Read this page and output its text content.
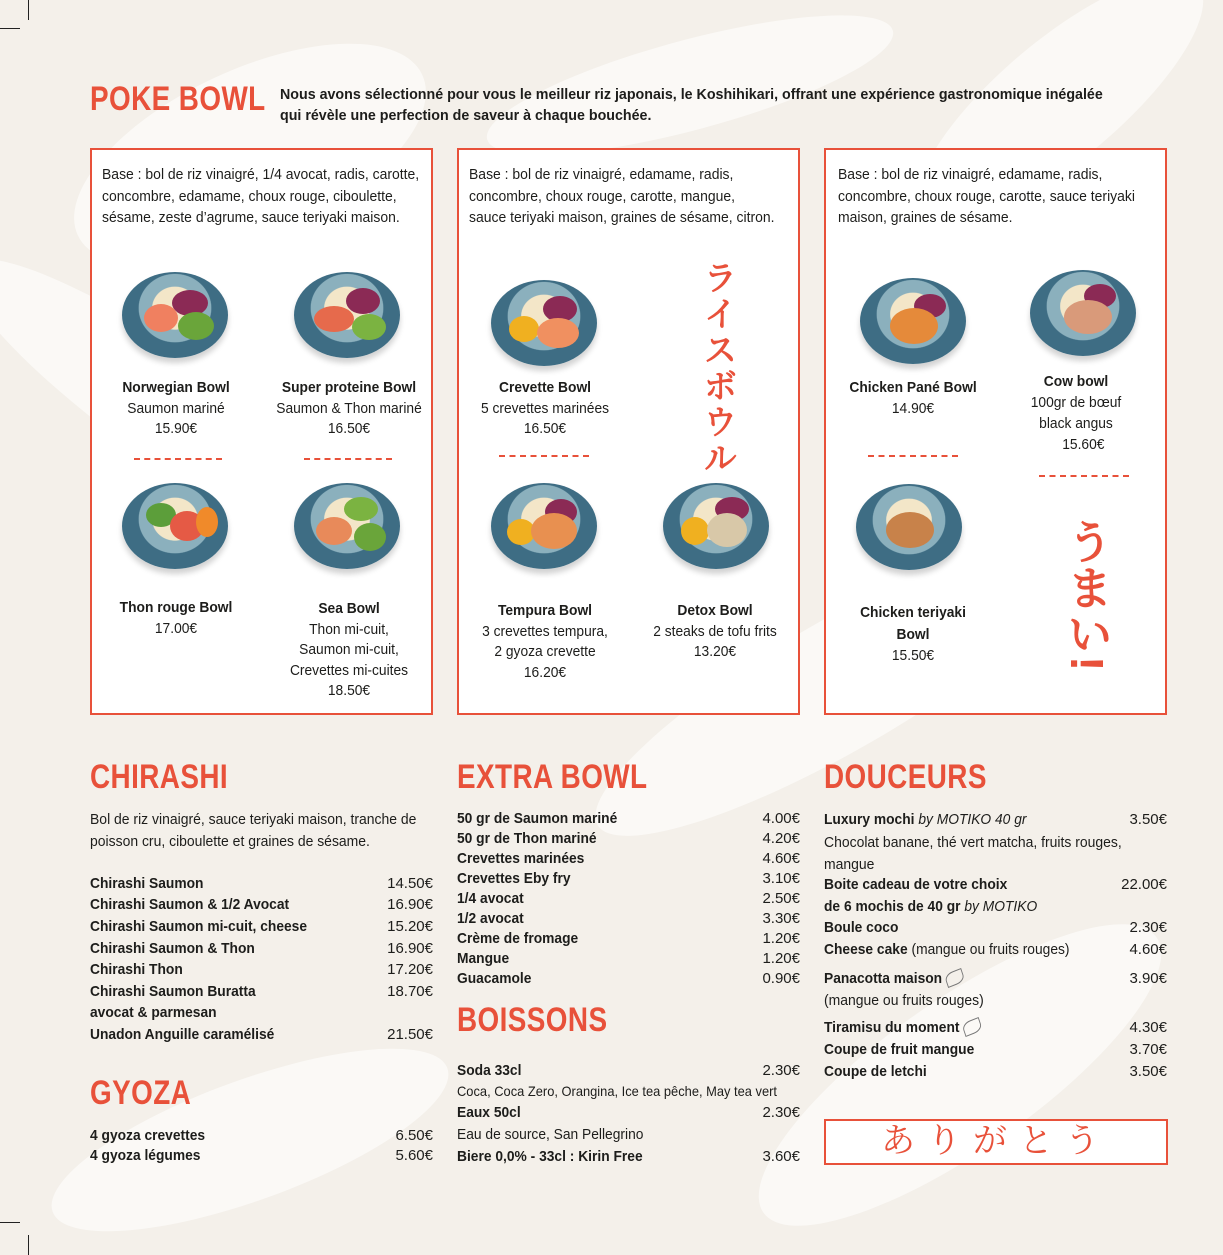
POKE BOWL Nous avons sélectionné pour vous le meilleur riz japonais, le Koshihikari, offrant une expérience gastronomique inégalée qui révèle une perfection de saveur à chaque bouchée.
Base : bol de riz vinaigré, 1/4 avocat, radis, carotte, concombre, edamame, choux rouge, ciboulette, sésame, zeste d’agrume, sauce teriyaki maison.
Norwegian Bowl
Saumon mariné
15.90€
Super proteine Bowl
Saumon & Thon mariné
16.50€
Thon rouge Bowl
17.00€
Sea Bowl
Thon mi-cuit,
Saumon mi-cuit,
Crevettes mi-cuites
18.50€
Base : bol de riz vinaigré, edamame, radis, concombre, choux rouge, carotte, mangue, sauce teriyaki maison, graines de sésame, citron.
ライスボウル
Crevette Bowl
5 crevettes marinées
16.50€
Tempura Bowl
3 crevettes tempura,
2 gyoza crevette
16.20€
Detox Bowl
2 steaks de tofu frits
13.20€
Base : bol de riz vinaigré, edamame, radis, concombre, choux rouge, carotte, sauce teriyaki maison, graines de sésame.
Chicken Pané Bowl
14.90€
Cow bowl
100gr de bœuf
black angus
15.60€
うまい!
Chicken teriyaki
Bowl
15.50€
CHIRASHI
Bol de riz vinaigré, sauce teriyaki maison, tranche de poisson cru, ciboulette et graines de sésame.
Chirashi Saumon	14.50€
Chirashi Saumon & 1/2 Avocat	16.90€
Chirashi Saumon mi-cuit, cheese	15.20€
Chirashi Saumon & Thon	16.90€
Chirashi Thon	17.20€
Chirashi Saumon Buratta	18.70€
avocat & parmesan
Unadon Anguille caramélisé	21.50€
GYOZA
4 gyoza crevettes	6.50€
4 gyoza légumes	5.60€
EXTRA BOWL
50 gr de Saumon mariné	4.00€
50 gr de Thon mariné	4.20€
Crevettes marinées	4.60€
Crevettes Eby fry	3.10€
1/4 avocat	2.50€
1/2 avocat	3.30€
Crème de fromage	1.20€
Mangue	1.20€
Guacamole	0.90€
BOISSONS
Soda 33cl	2.30€
Coca, Coca Zero, Orangina, Ice tea pêche, May tea vert
Eaux 50cl	2.30€
Eau de source, San Pellegrino
Biere 0,0% - 33cl : Kirin Free	3.60€
DOUCEURS
Luxury mochi by MOTIKO 40 gr	3.50€
Chocolat banane, thé vert matcha, fruits rouges,
mangue
Boite cadeau de votre choix	22.00€
de 6 mochis de 40 gr by MOTIKO
Boule coco	2.30€
Cheese cake (mangue ou fruits rouges)	4.60€
Panacotta maison	3.90€
(mangue ou fruits rouges)
Tiramisu du moment	4.30€
Coupe de fruit mangue	3.70€
Coupe de letchi	3.50€
ありがとう
